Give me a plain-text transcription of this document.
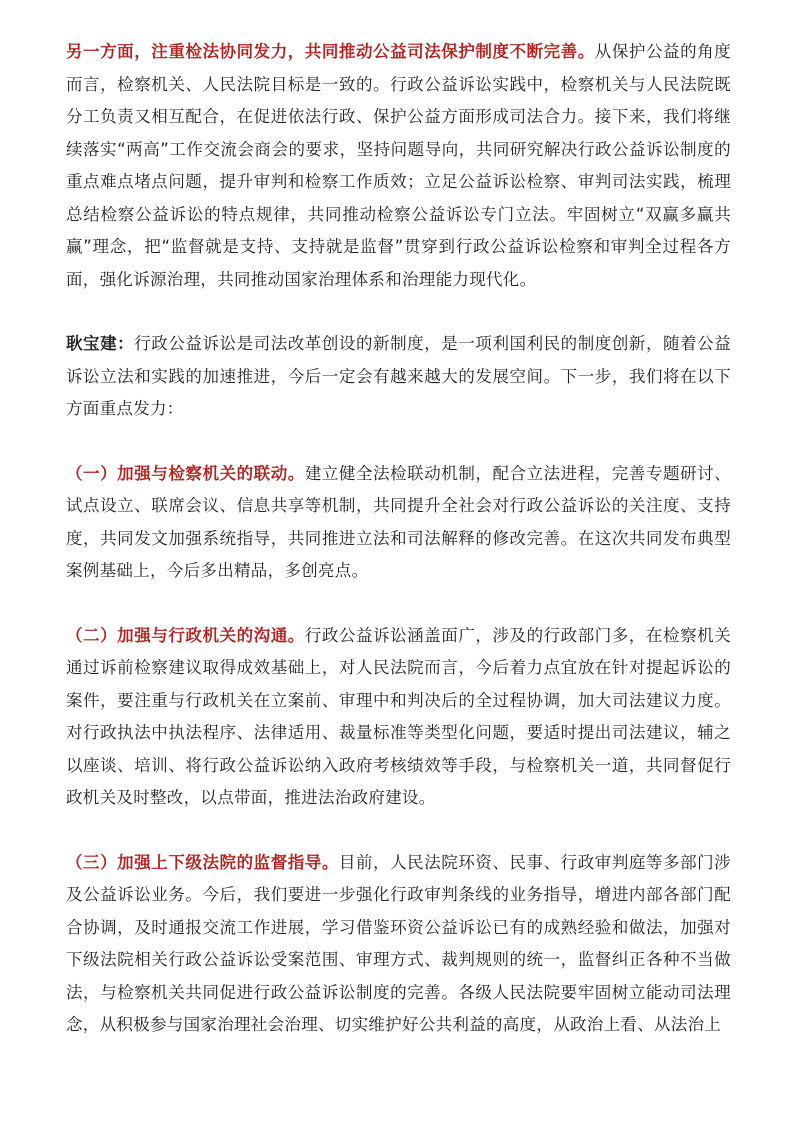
另一方面，注重检法协同发力，共同推动公益司法保护制度不断完善。从保护公益的角度而言，检察机关、人民法院目标是一致的。行政公益诉讼实践中，检察机关与人民法院既分工负责又相互配合，在促进依法行政、保护公益方面形成司法合力。接下来，我们将继续落实“两高”工作交流会商会的要求，坚持问题导向，共同研究解决行政公益诉讼制度的重点难点堵点问题，提升审判和检察工作质效；立足公益诉讼检察、审判司法实践，梳理总结检察公益诉讼的特点规律，共同推动检察公益诉讼专门立法。牢固树立“双赢多赢共赢”理念，把“监督就是支持、支持就是监督”贯穿到行政公益诉讼检察和审判全过程各方面，强化诉源治理，共同推动国家治理体系和治理能力现代化。

耿宝建：行政公益诉讼是司法改革创设的新制度，是一项利国利民的制度创新，随着公益诉讼立法和实践的加速推进，今后一定会有越来越大的发展空间。下一步，我们将在以下方面重点发力：

（一）加强与检察机关的联动。建立健全法检联动机制，配合立法进程，完善专题研讨、试点设立、联席会议、信息共享等机制，共同提升全社会对行政公益诉讼的关注度、支持度，共同发文加强系统指导，共同推进立法和司法解释的修改完善。在这次共同发布典型案例基础上，今后多出精品，多创亮点。

（二）加强与行政机关的沟通。行政公益诉讼涵盖面广，涉及的行政部门多，在检察机关通过诉前检察建议取得成效基础上，对人民法院而言，今后着力点宜放在针对提起诉讼的案件，要注重与行政机关在立案前、审理中和判决后的全过程协调，加大司法建议力度。对行政执法中执法程序、法律适用、裁量标准等类型化问题，要适时提出司法建议，辅之以座谈、培训、将行政公益诉讼纳入政府考核绩效等手段，与检察机关一道，共同督促行政机关及时整改，以点带面，推进法治政府建设。

（三）加强上下级法院的监督指导。目前，人民法院环资、民事、行政审判庭等多部门涉及公益诉讼业务。今后，我们要进一步强化行政审判条线的业务指导，增进内部各部门配合协调，及时通报交流工作进展，学习借鉴环资公益诉讼已有的成熟经验和做法，加强对下级法院相关行政公益诉讼受案范围、审理方式、裁判规则的统一，监督纠正各种不当做法，与检察机关共同促进行政公益诉讼制度的完善。各级人民法院要牢固树立能动司法理念，从积极参与国家治理社会治理、切实维护好公共利益的高度，从政治上看、从法治上
